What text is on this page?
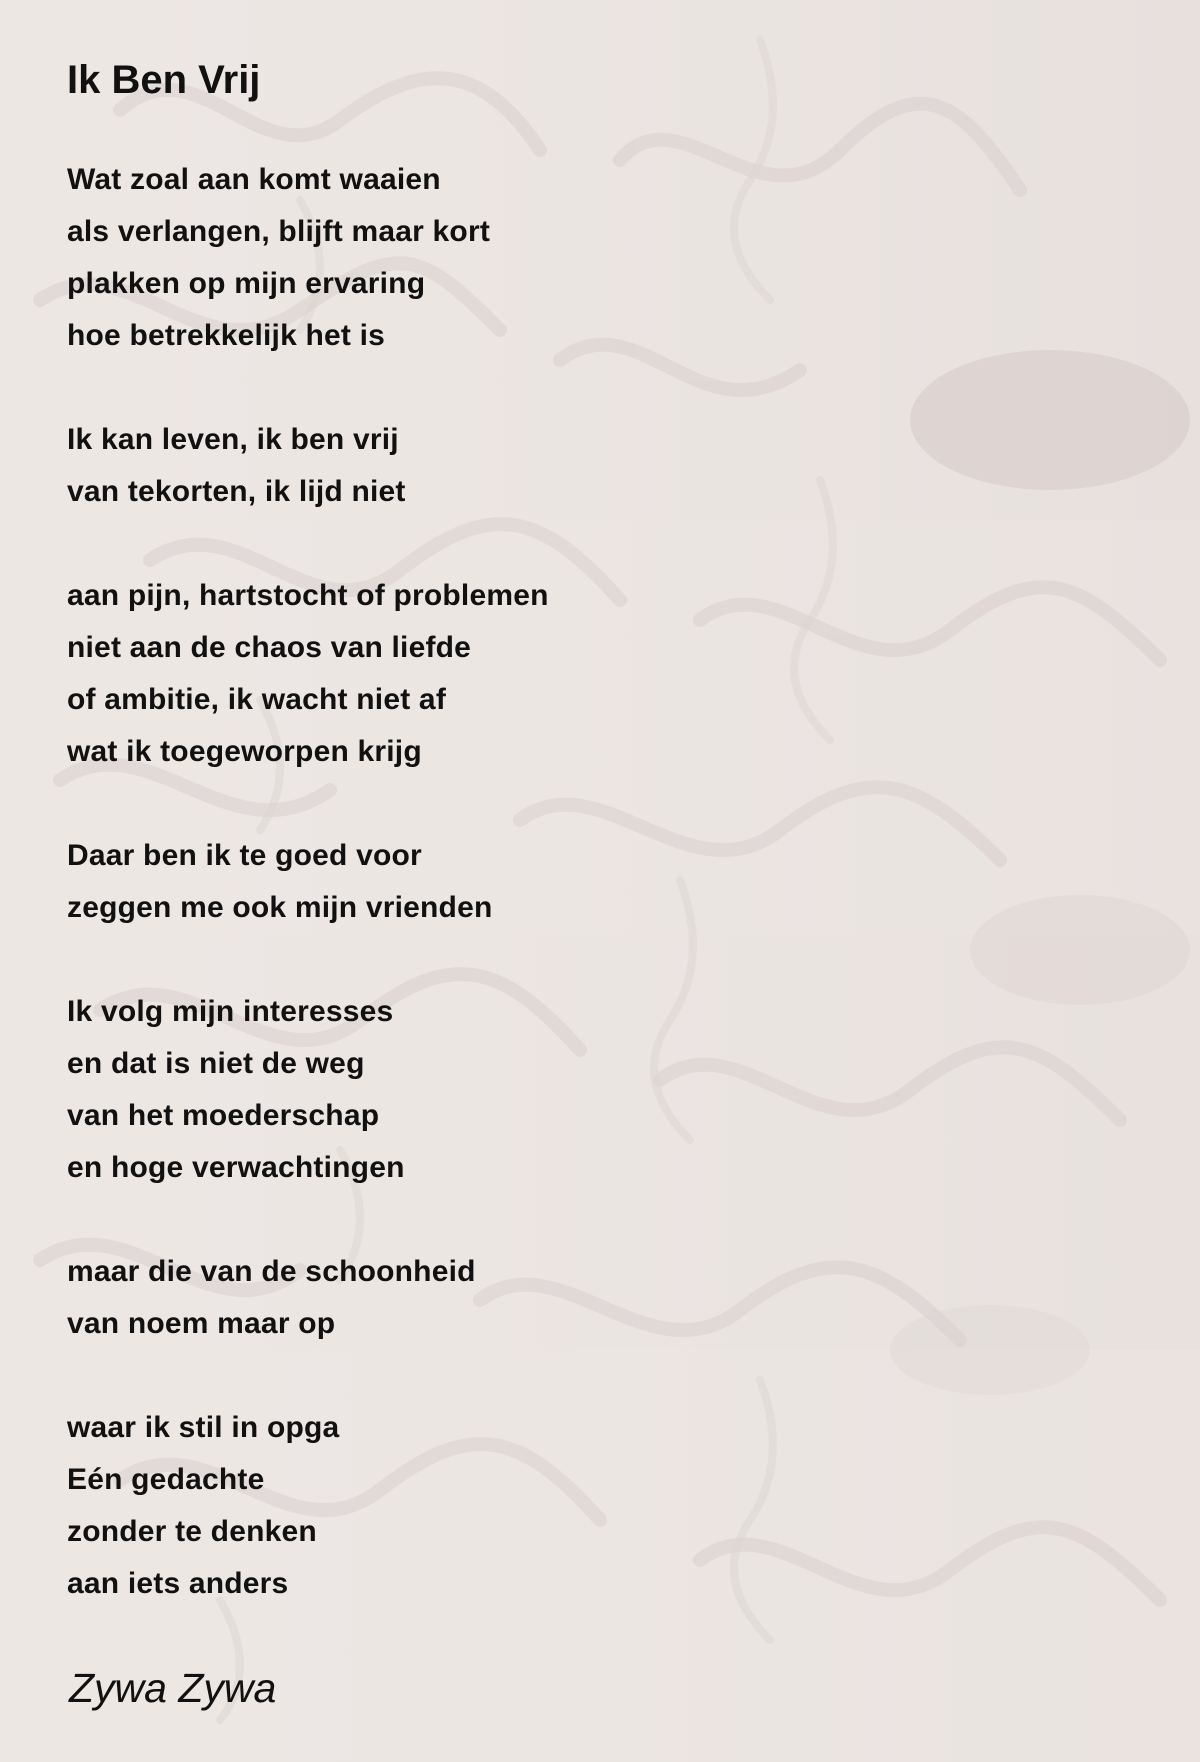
Ik Ben Vrij
Wat zoal aan komt waaien
als verlangen, blijft maar kort
plakken op mijn ervaring
hoe betrekkelijk het is
Ik kan leven, ik ben vrij
van tekorten, ik lijd niet
aan pijn, hartstocht of problemen
niet aan de chaos van liefde
of ambitie, ik wacht niet af
wat ik toegeworpen krijg
Daar ben ik te goed voor
zeggen me ook mijn vrienden
Ik volg mijn interesses
en dat is niet de weg
van het moederschap
en hoge verwachtingen
maar die van de schoonheid
van noem maar op
waar ik stil in opga
Eén gedachte
zonder te denken
aan iets anders
Zywa Zywa
